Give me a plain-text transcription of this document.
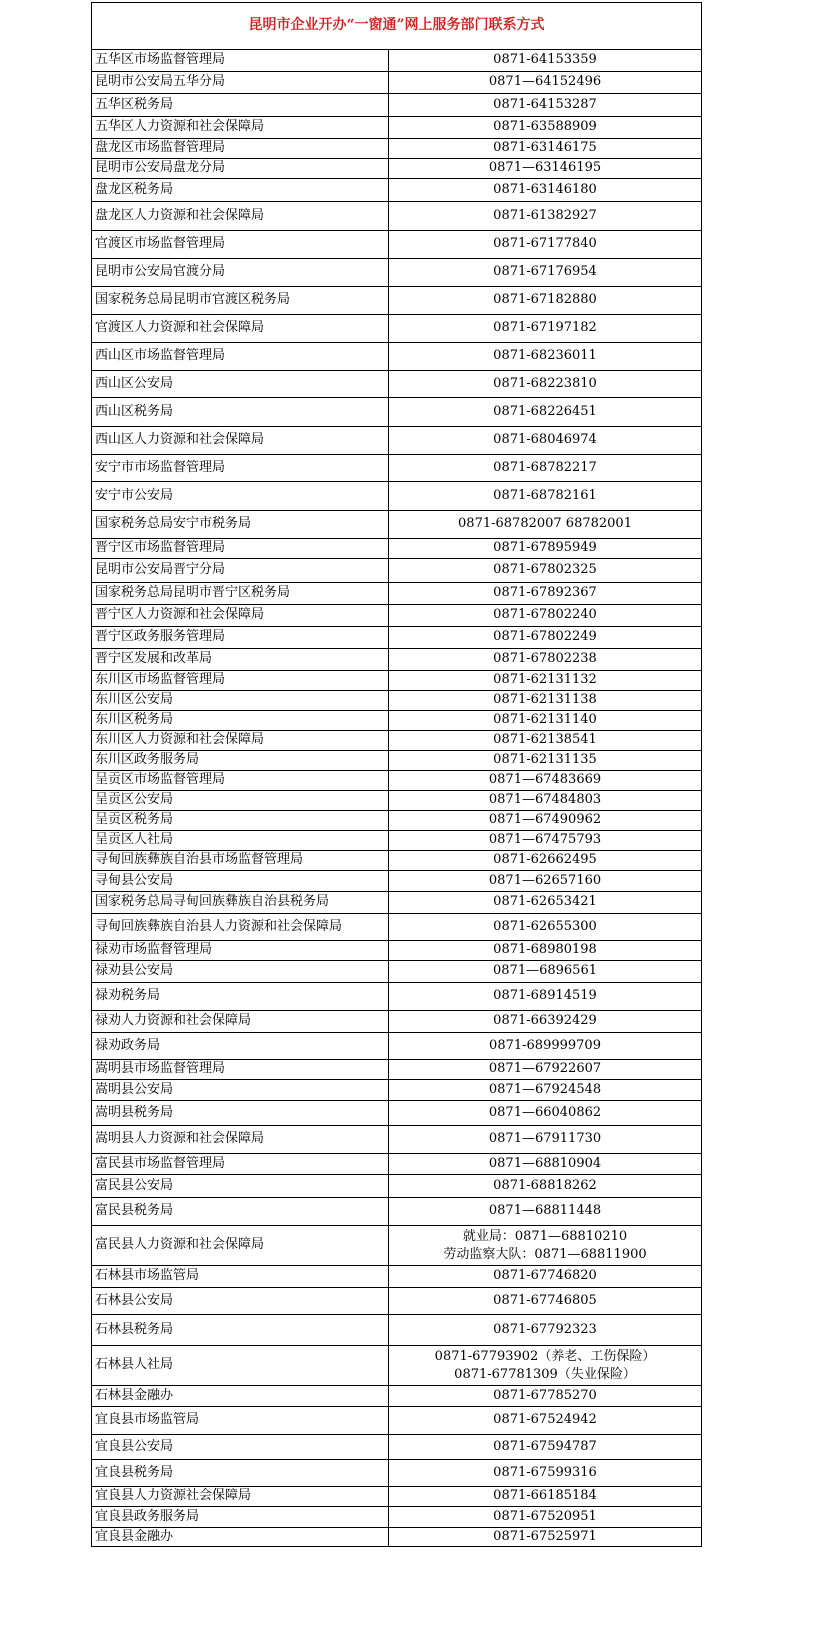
昆明市企业开办“一窗通”网上服务部门联系方式	
五华区市场监督管理局	0871-64153359
昆明市公安局五华分局	0871—64152496
五华区税务局	0871-64153287
五华区人力资源和社会保障局	0871-63588909
盘龙区市场监督管理局	0871-63146175
昆明市公安局盘龙分局	0871—63146195
盘龙区税务局	0871-63146180
盘龙区人力资源和社会保障局	0871-61382927
官渡区市场监督管理局	0871-67177840
昆明市公安局官渡分局	0871-67176954
国家税务总局昆明市官渡区税务局	0871-67182880
官渡区人力资源和社会保障局	0871-67197182
西山区市场监督管理局	0871-68236011
西山区公安局	0871-68223810
西山区税务局	0871-68226451
西山区人力资源和社会保障局	0871-68046974
安宁市市场监督管理局	0871-68782217
安宁市公安局	0871-68782161
国家税务总局安宁市税务局	0871-68782007 68782001
晋宁区市场监督管理局	0871-67895949
昆明市公安局晋宁分局	0871-67802325
国家税务总局昆明市晋宁区税务局	0871-67892367
晋宁区人力资源和社会保障局	0871-67802240
晋宁区政务服务管理局	0871-67802249
晋宁区发展和改革局	0871-67802238
东川区市场监督管理局	0871-62131132
东川区公安局	0871-62131138
东川区税务局	0871-62131140
东川区人力资源和社会保障局	0871-62138541
东川区政务服务局	0871-62131135
呈贡区市场监督管理局	0871—67483669
呈贡区公安局	0871—67484803
呈贡区税务局	0871—67490962
呈贡区人社局	0871—67475793
寻甸回族彝族自治县市场监督管理局	0871-62662495
寻甸县公安局	0871—62657160
国家税务总局寻甸回族彝族自治县税务局	0871-62653421
寻甸回族彝族自治县人力资源和社会保障局	0871-62655300
禄劝市场监督管理局	0871-68980198
禄劝县公安局	0871—6896561
禄劝税务局	0871-68914519
禄劝人力资源和社会保障局	0871-66392429
禄劝政务局	0871-689999709
嵩明县市场监督管理局	0871—67922607
嵩明县公安局	0871—67924548
嵩明县税务局	0871—66040862
嵩明县人力资源和社会保障局	0871—67911730
富民县市场监督管理局	0871—68810904
富民县公安局	0871-68818262
富民县税务局	0871—68811448
富民县人力资源和社会保障局	就业局：0871—68810210
劳动监察大队：0871—68811900

石林县市场监管局	0871-67746820
石林县公安局	0871-67746805
石林县税务局	0871-67792323
石林县人社局	0871-67793902（养老、工伤保险）
0871-67781309（失业保险）

石林县金融办	0871-67785270
宜良县市场监管局	0871-67524942
宜良县公安局	0871-67594787
宜良县税务局	0871-67599316
宜良县人力资源社会保障局	0871-66185184
宜良县政务服务局	0871-67520951
宜良县金融办	0871-67525971
